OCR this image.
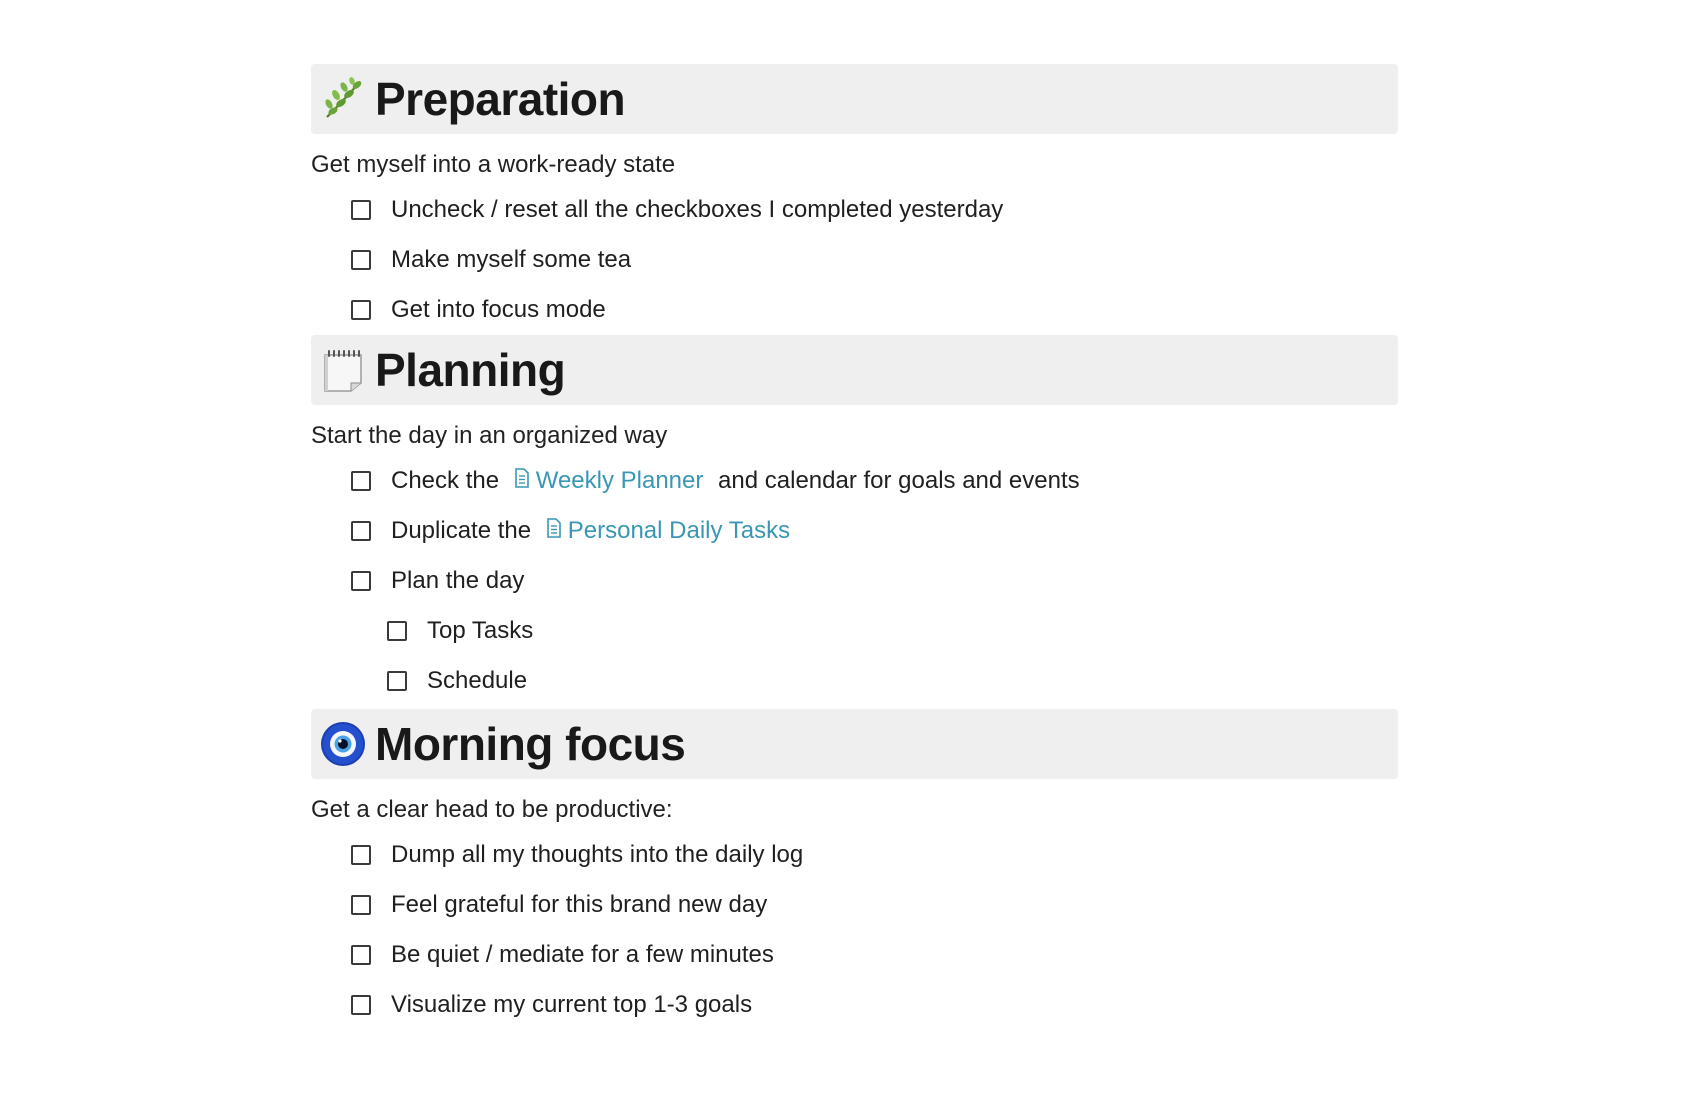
Preparation
Get myself into a work-ready state
Uncheck / reset all the checkboxes I completed yesterday
Make myself some tea
Get into focus mode
Planning
Start the day in an organized way
Check the Weekly Planner and calendar for goals and events
Duplicate the Personal Daily Tasks
Plan the day
Top Tasks
Schedule
Morning focus
Get a clear head to be productive:
Dump all my thoughts into the daily log
Feel grateful for this brand new day
Be quiet / mediate for a few minutes
Visualize my current top 1-3 goals
